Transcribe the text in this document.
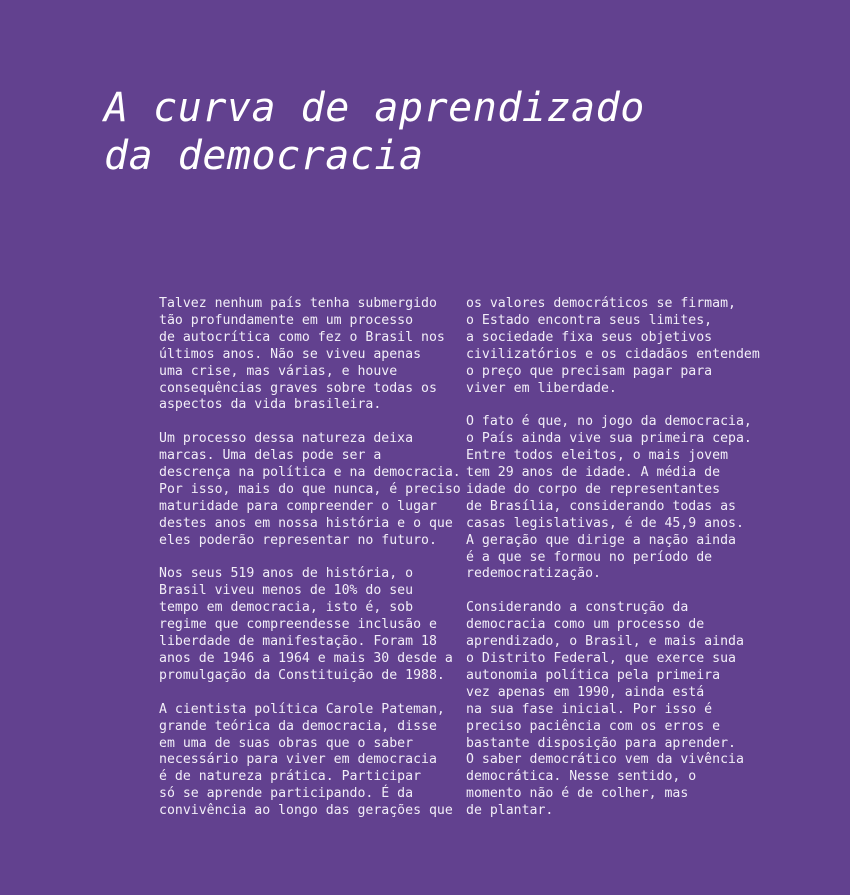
A curva de aprendizado
da democracia

Talvez nenhum país tenha submergido
tão profundamente em um processo
de autocrítica como fez o Brasil nos
últimos anos. Não se viveu apenas
uma crise, mas várias, e houve
consequências graves sobre todas os
aspectos da vida brasileira.

Um processo dessa natureza deixa
marcas. Uma delas pode ser a
descrença na política e na democracia.
Por isso, mais do que nunca, é preciso
maturidade para compreender o lugar
destes anos em nossa história e o que
eles poderão representar no futuro.

Nos seus 519 anos de história, o
Brasil viveu menos de 10% do seu
tempo em democracia, isto é, sob
regime que compreendesse inclusão e
liberdade de manifestação. Foram 18
anos de 1946 a 1964 e mais 30 desde a
promulgação da Constituição de 1988.

A cientista política Carole Pateman,
grande teórica da democracia, disse
em uma de suas obras que o saber
necessário para viver em democracia
é de natureza prática. Participar
só se aprende participando. É da
convivência ao longo das gerações que

os valores democráticos se firmam,
o Estado encontra seus limites,
a sociedade fixa seus objetivos
civilizatórios e os cidadãos entendem
o preço que precisam pagar para
viver em liberdade.

O fato é que, no jogo da democracia,
o País ainda vive sua primeira cepa.
Entre todos eleitos, o mais jovem
tem 29 anos de idade. A média de
idade do corpo de representantes
de Brasília, considerando todas as
casas legislativas, é de 45,9 anos.
A geração que dirige a nação ainda
é a que se formou no período de
redemocratização.

Considerando a construção da
democracia como um processo de
aprendizado, o Brasil, e mais ainda
o Distrito Federal, que exerce sua
autonomia política pela primeira
vez apenas em 1990, ainda está
na sua fase inicial. Por isso é
preciso paciência com os erros e
bastante disposição para aprender.
O saber democrático vem da vivência
democrática. Nesse sentido, o
momento não é de colher, mas
de plantar.
